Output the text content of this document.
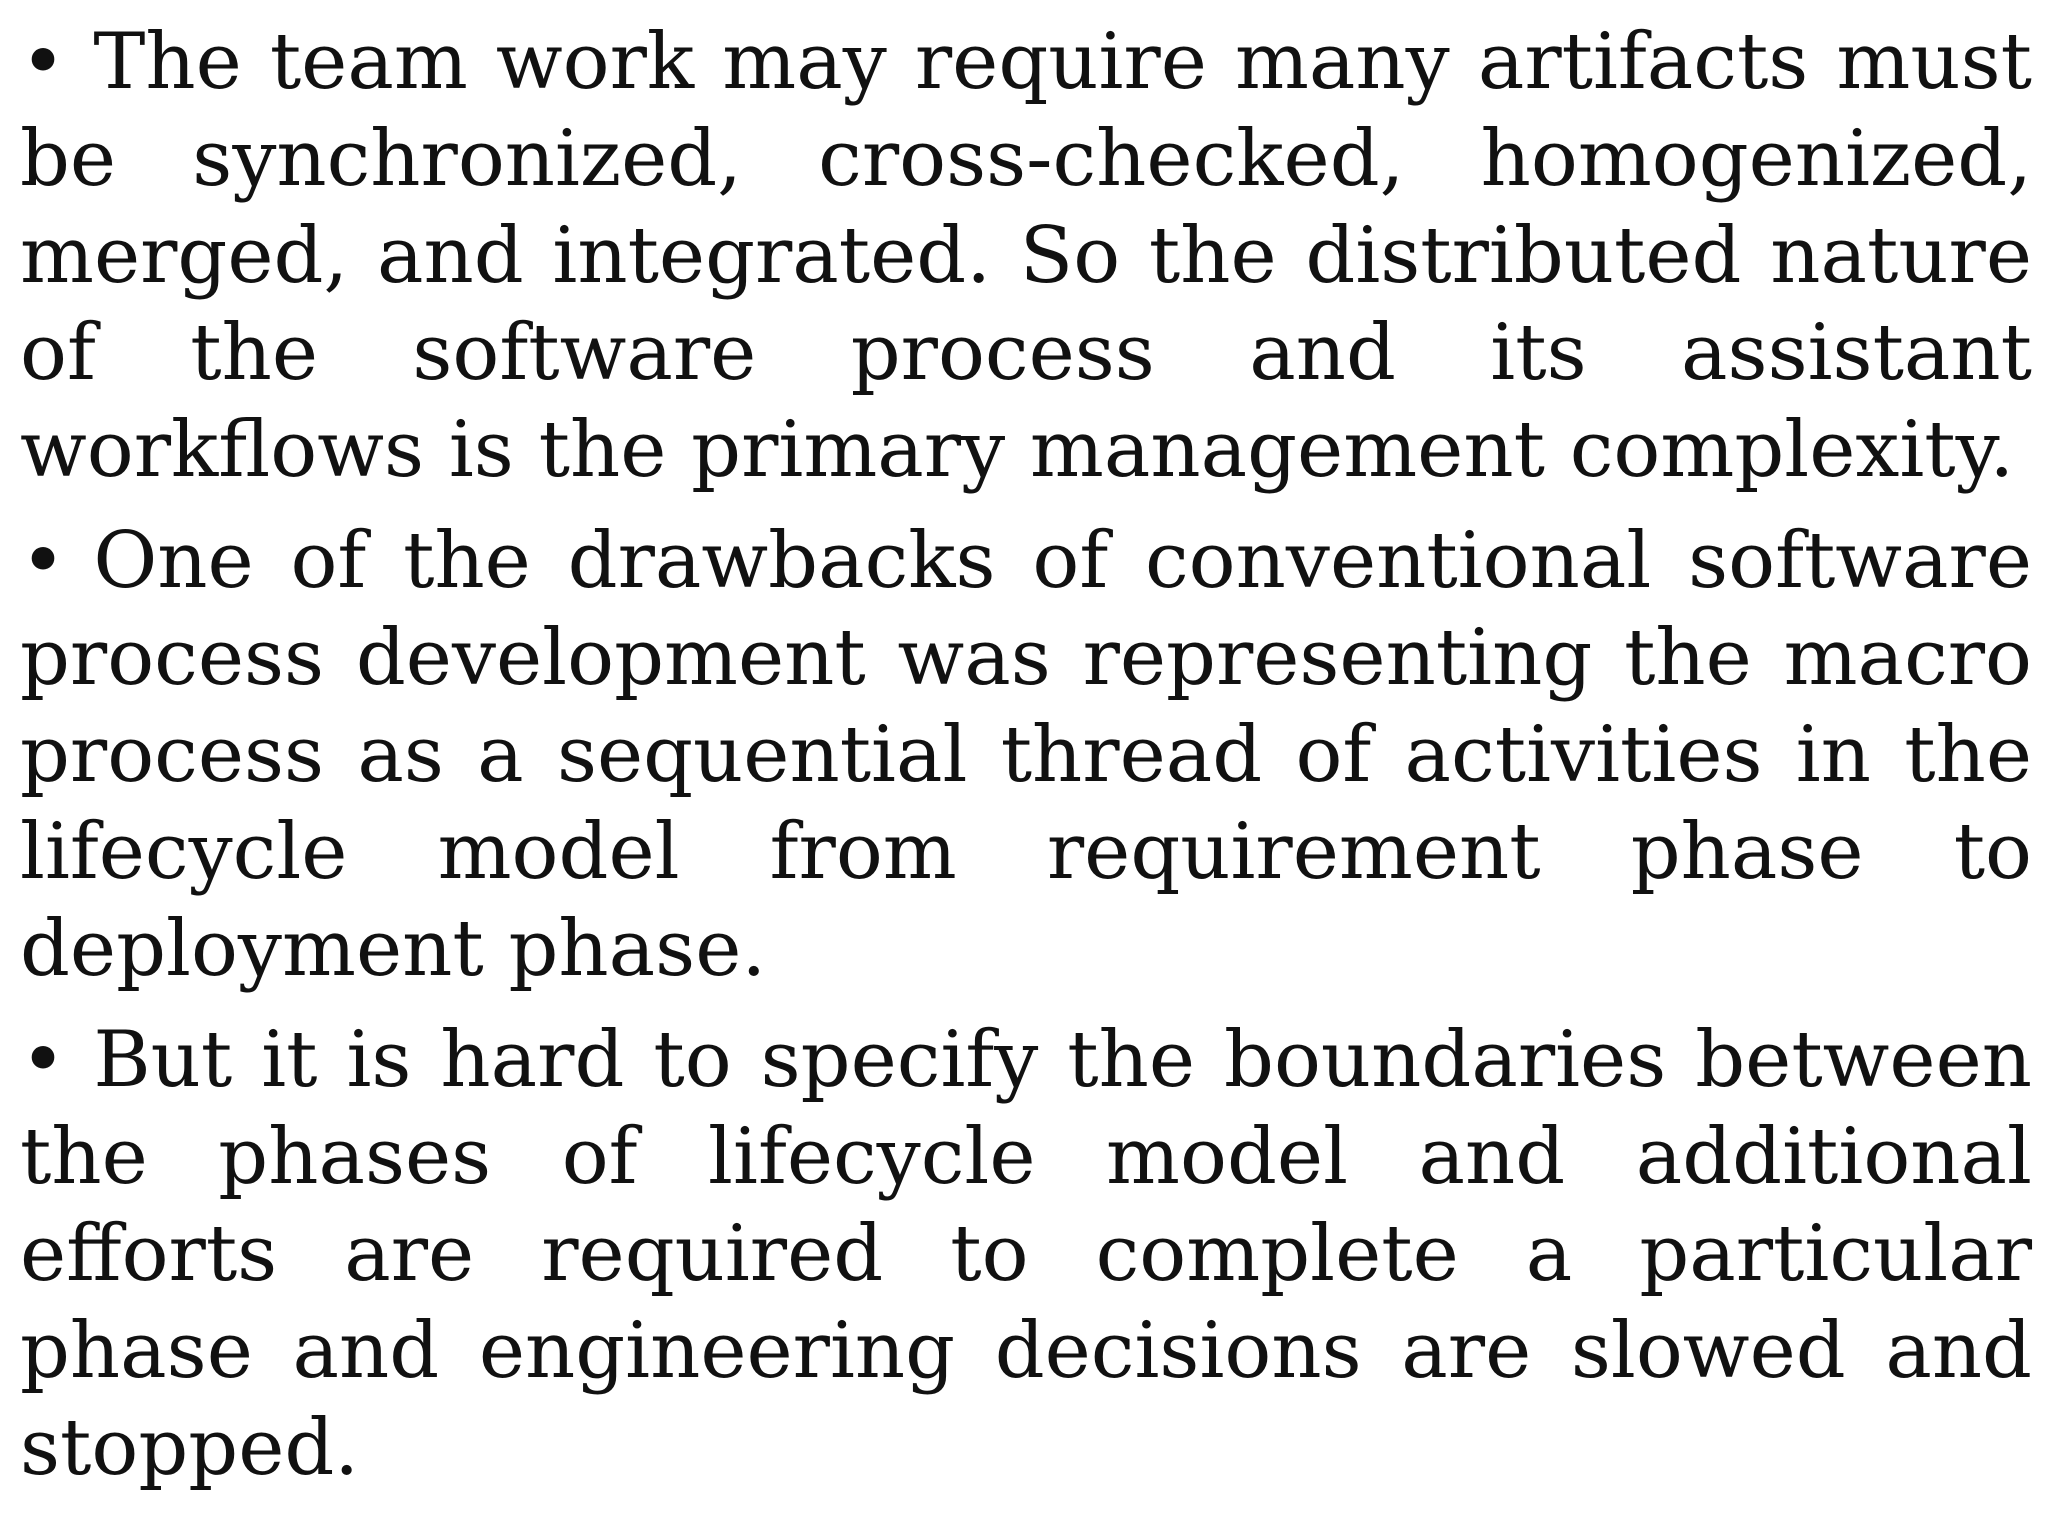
• The team work may require many artifacts must be synchronized, cross-checked, homogenized, merged, and integrated. So the distributed nature of the software process and its assistant workflows is the primary management complexity.
• One of the drawbacks of conventional software process development was representing the macro process as a sequential thread of activities in the lifecycle model from requirement phase to deployment phase.
• But it is hard to specify the boundaries between the phases of lifecycle model and additional efforts are required to complete a particular phase and engineering decisions are slowed and stopped.
